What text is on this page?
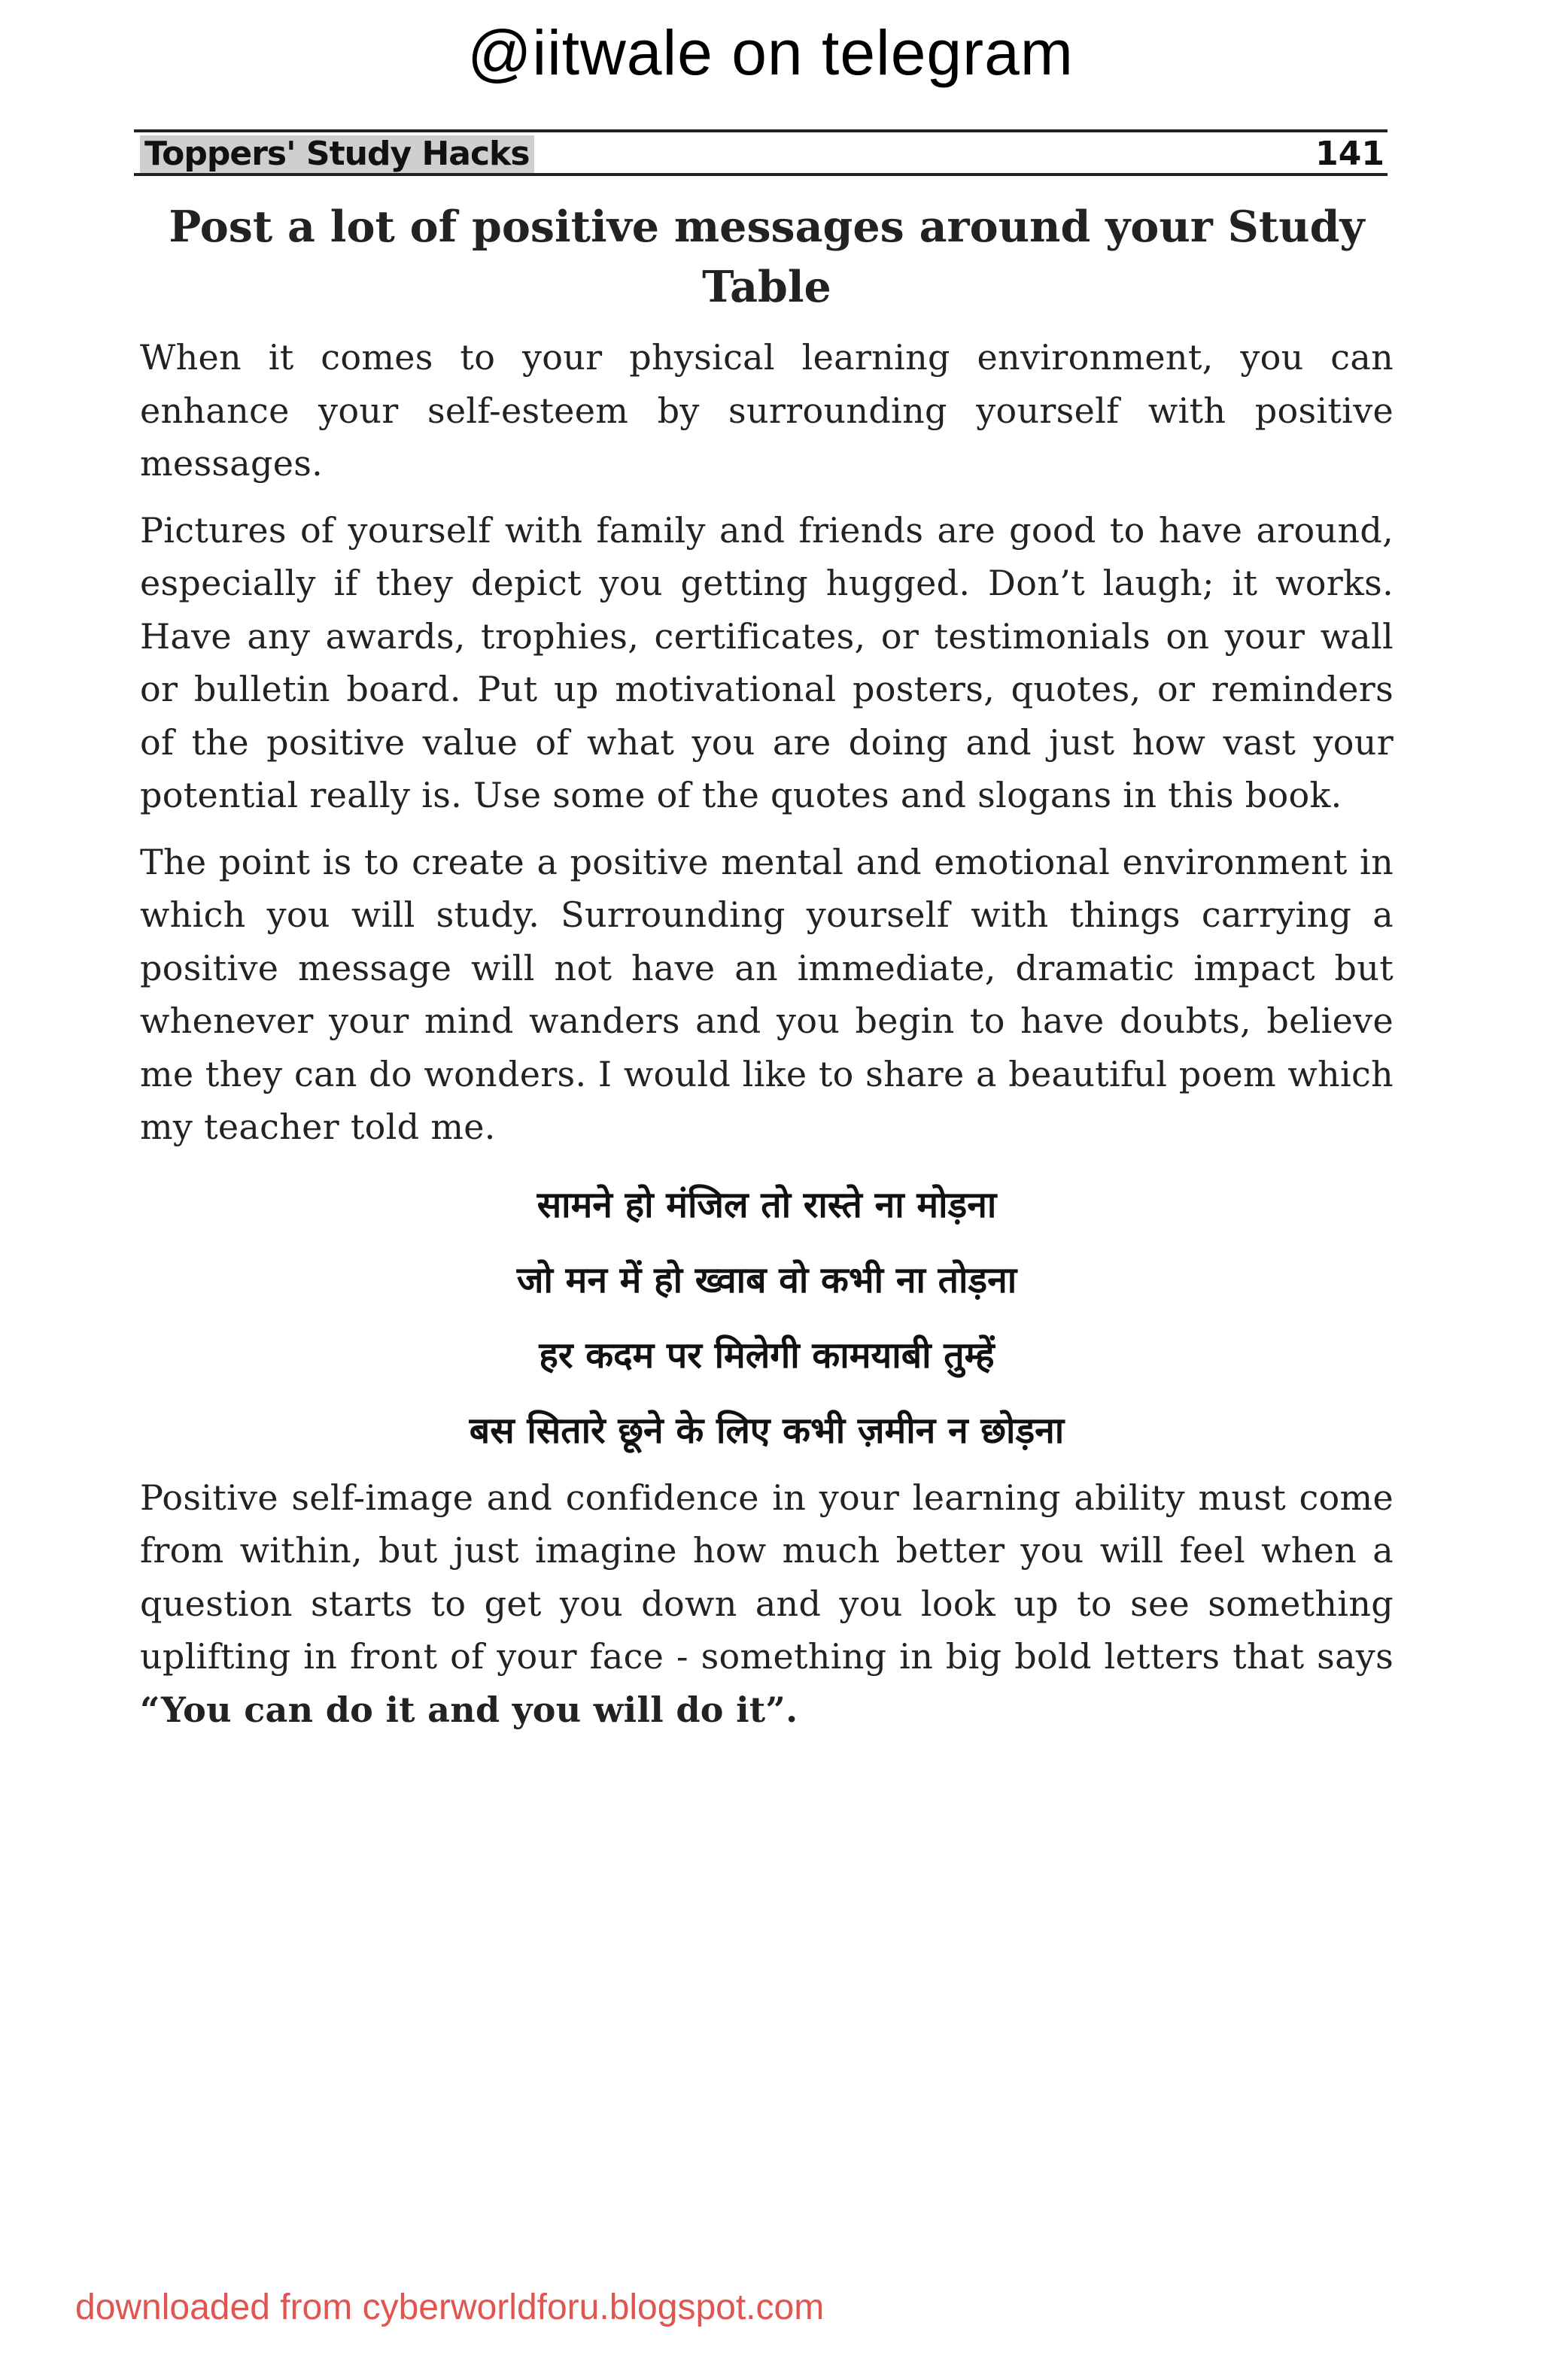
@iitwale on telegram
Toppers' Study Hacks	141
Post a lot of positive messages around your Study Table

When it comes to your physical learning environment, you can enhance your self-esteem by surrounding yourself with positive messages.

Pictures of yourself with family and friends are good to have around, especially if they depict you getting hugged. Don’t laugh; it works. Have any awards, trophies, certificates, or testimonials on your wall or bulletin board. Put up motivational posters, quotes, or reminders of the positive value of what you are doing and just how vast your potential really is. Use some of the quotes and slogans in this book.

The point is to create a positive mental and emotional environment in which you will study. Surrounding yourself with things carrying a positive message will not have an immediate, dramatic impact but whenever your mind wanders and you begin to have doubts, believe me they can do wonders. I would like to share a beautiful poem which my teacher told me.

सामने हो मंजिल तो रास्ते ना मोड़ना
जो मन में हो ख्वाब वो कभी ना तोड़ना
हर कदम पर मिलेगी कामयाबी तुम्हें
बस सितारे छूने के लिए कभी ज़मीन न छोड़ना

Positive self-image and confidence in your learning ability must come from within, but just imagine how much better you will feel when a question starts to get you down and you look up to see something uplifting in front of your face - something in big bold letters that says “You can do it and you will do it”.

downloaded from cyberworldforu.blogspot.com
